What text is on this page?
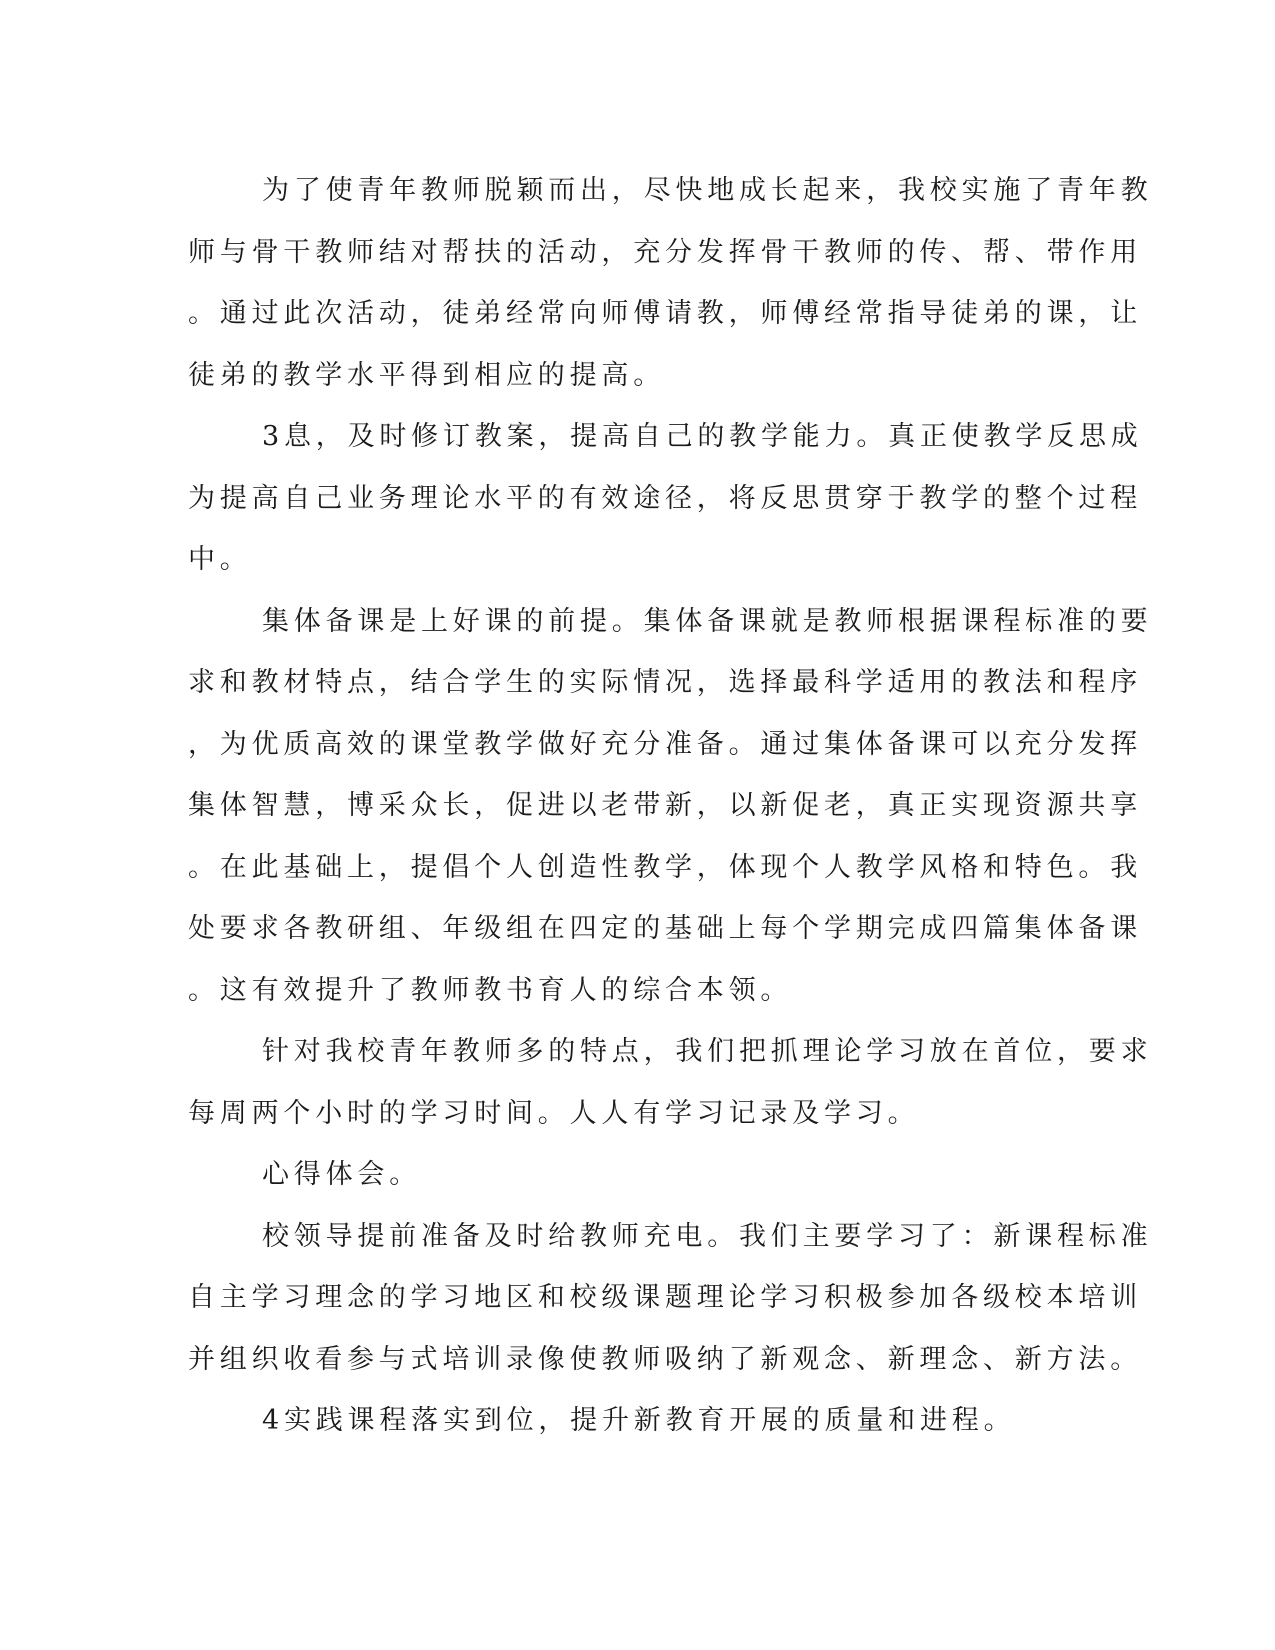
为了使青年教师脱颖而出，尽快地成长起来，我校实施了青年教
师与骨干教师结对帮扶的活动，充分发挥骨干教师的传、帮、带作用
。通过此次活动，徒弟经常向师傅请教，师傅经常指导徒弟的课，让
徒弟的教学水平得到相应的提高。
3息，及时修订教案，提高自己的教学能力。真正使教学反思成
为提高自己业务理论水平的有效途径，将反思贯穿于教学的整个过程
中。
集体备课是上好课的前提。集体备课就是教师根据课程标准的要
求和教材特点，结合学生的实际情况，选择最科学适用的教法和程序
，为优质高效的课堂教学做好充分准备。通过集体备课可以充分发挥
集体智慧，博采众长，促进以老带新，以新促老，真正实现资源共享
。在此基础上，提倡个人创造性教学，体现个人教学风格和特色。我
处要求各教研组、年级组在四定的基础上每个学期完成四篇集体备课
。这有效提升了教师教书育人的综合本领。
针对我校青年教师多的特点，我们把抓理论学习放在首位，要求
每周两个小时的学习时间。人人有学习记录及学习。
心得体会。
校领导提前准备及时给教师充电。我们主要学习了：新课程标准
自主学习理念的学习地区和校级课题理论学习积极参加各级校本培训
并组织收看参与式培训录像使教师吸纳了新观念、新理念、新方法。
4实践课程落实到位，提升新教育开展的质量和进程。
